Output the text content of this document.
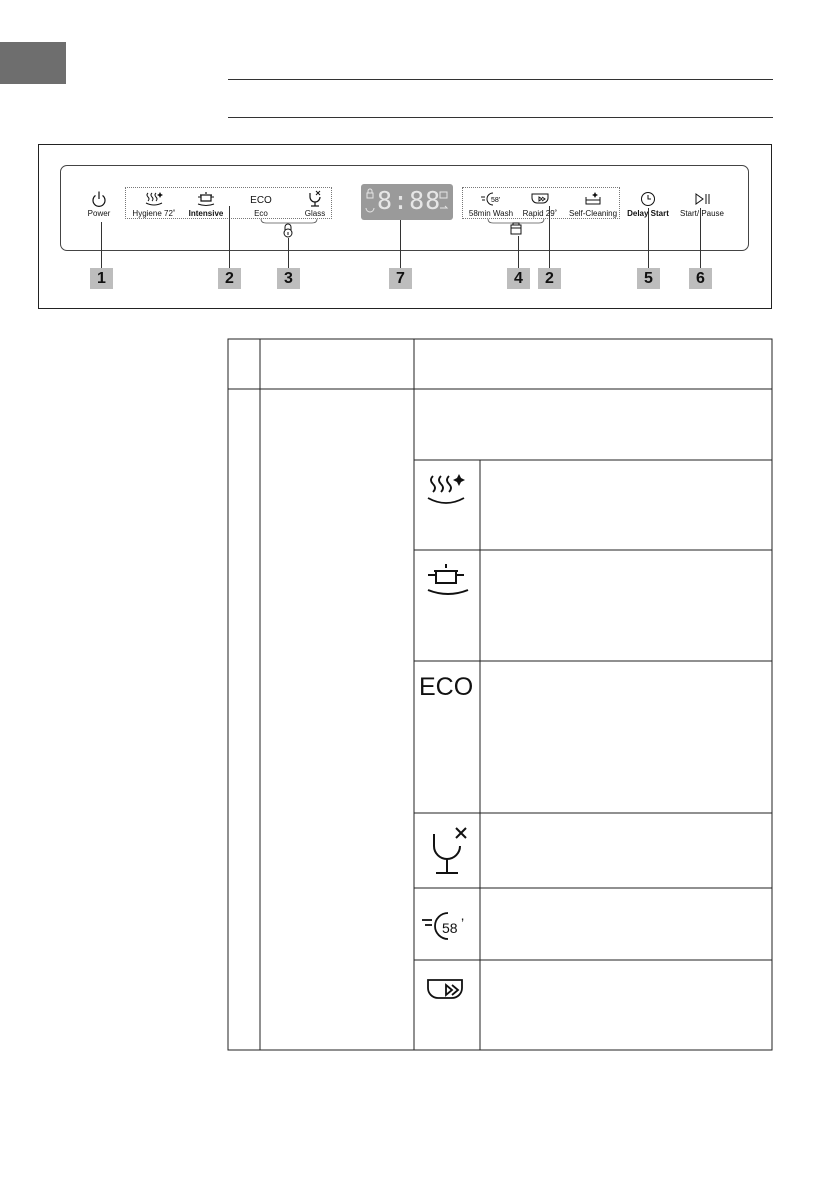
Power	Hygiene 72˚	Intensive
ECO
Eco	Glass	8:88	58'
58min Wash	Rapid 29˚	Self-Cleaning	Delay Start	Start/ Pause
1	2	3	7	4	2	5	6
ECO
58 ’
